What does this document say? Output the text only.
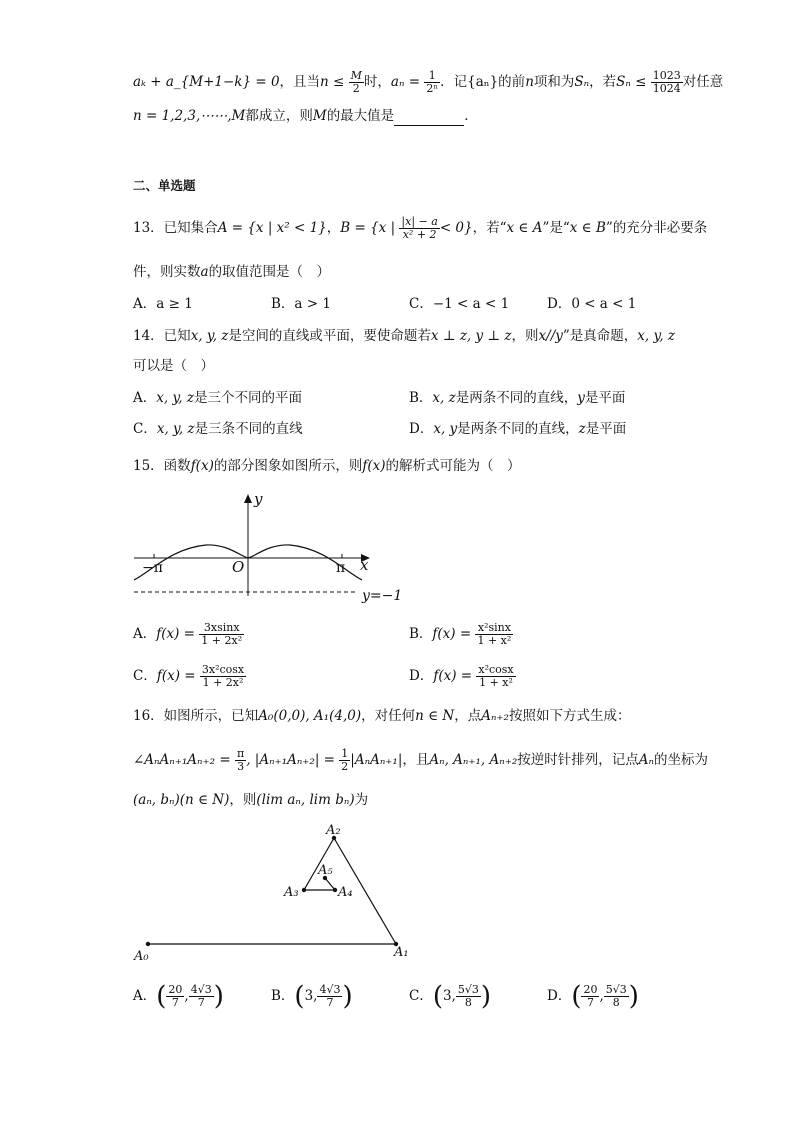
aₖ + a_{M+1−k} = 0，且当$n \le \frac{M}{2}$ 时，$a_n = \frac{1}{\text{2ⁿ}}$ ．记{aₙ}的前n项和为Sₙ，若$S_n \le \frac{1023}{1024}$ 对任意
n = 1,2,3,⋯⋯,M都成立，则M的最大值是	．
二、单选题
13．已知集合A = {x | x² < 1}，B = {x | $\frac{|x| - a}{\text{x² + 2}} < 0$}，若“x ∈ A”是“x ∈ B”的充分非必要条
件，则实数a的取值范围是（　）
A．a ≥ 1	B．a > 1	C．−1 < a < 1	D．0 < a < 1
14．已知x, y, z是空间的直线或平面，要使命题若x ⊥ z, y ⊥ z，则x//y”是真命题，x, y, z
可以是（　）
A．x, y, z是三个不同的平面	B．x, z是两条不同的直线，y是平面
C．x, y, z是三条不同的直线	D．x, y是两条不同的直线，z是平面
15．函数f(x)的部分图象如图所示，则f(x)的解析式可能为（　）
y
x
O
−π	π
y=−1
A．$f(x) = \frac{3xsinx}{\text{1 + 2x²}}$	B．$f(x) = \frac{\text{x²sinx}}{\text{1 + x²}}$
C．$f(x) = \frac{\text{3x²cosx}}{\text{1 + 2x²}}$	D．$f(x) = \frac{\text{x²cosx}}{\text{1 + x²}}$
16．如图所示，已知A₀(0,0), A₁(4,0)，对任何n ∈ N，点Aₙ₊₂按照如下方式生成：
∠AₙAₙ₊₁Aₙ₊₂ = $\frac{\pi}{3}$ , $|A_{n+1}A_{n+2}| = \frac{1}{2} |A_nA_{n+1}|$，且Aₙ, Aₙ₊₁, Aₙ₊₂按逆时针排列，记点Aₙ的坐标为
(aₙ, bₙ)(n ∈ N)，则(lim aₙ, lim bₙ)为
A₀	A₁
A₂
A₃	A₄
A₅
A．( $\frac{20}{7}$ , $\frac{4√3}{7}$ )	B．(3, $\frac{4√3}{7}$ )	C．(3, $\frac{5√3}{8}$ )	D．( $\frac{20}{7}$ , $\frac{5√3}{8}$ )
